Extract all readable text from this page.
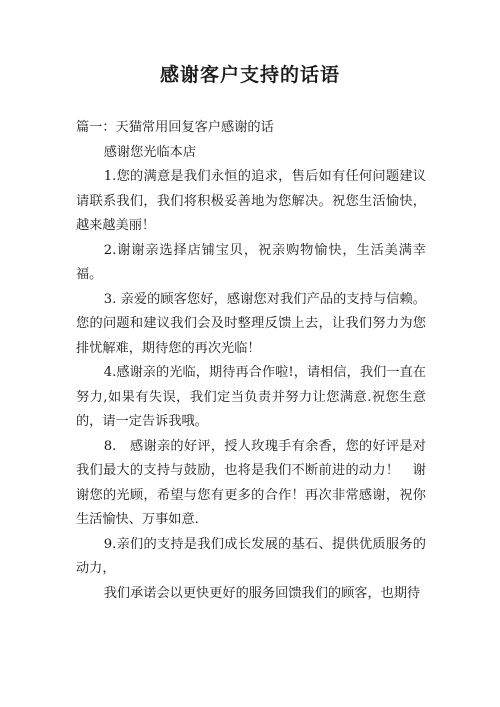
感谢客户支持的话语

篇一：天猫常用回复客户感谢的话

感谢您光临本店

1.您的满意是我们永恒的追求，售后如有任何问题建议请联系我们，我们将积极妥善地为您解决。祝您生活愉快，越来越美丽！

2.谢谢亲选择店铺宝贝，祝亲购物愉快，生活美满幸福。

3. 亲爱的顾客您好，感谢您对我们产品的支持与信赖。您的问题和建议我们会及时整理反馈上去，让我们努力为您排忧解难，期待您的再次光临！

4.感谢亲的光临，期待再合作啦!，请相信，我们一直在努力,如果有失误，我们定当负责并努力让您满意.祝您生意的，请一定告诉我哦。

8.　感谢亲的好评，授人玫瑰手有余香，您的好评是对我们最大的支持与鼓励，也将是我们不断前进的动力！　谢谢您的光顾，希望与您有更多的合作！再次非常感谢，祝你生活愉快、万事如意.

9.亲们的支持是我们成长发展的基石、提供优质服务的动力，

我们承诺会以更快更好的服务回馈我们的顾客，也期待
